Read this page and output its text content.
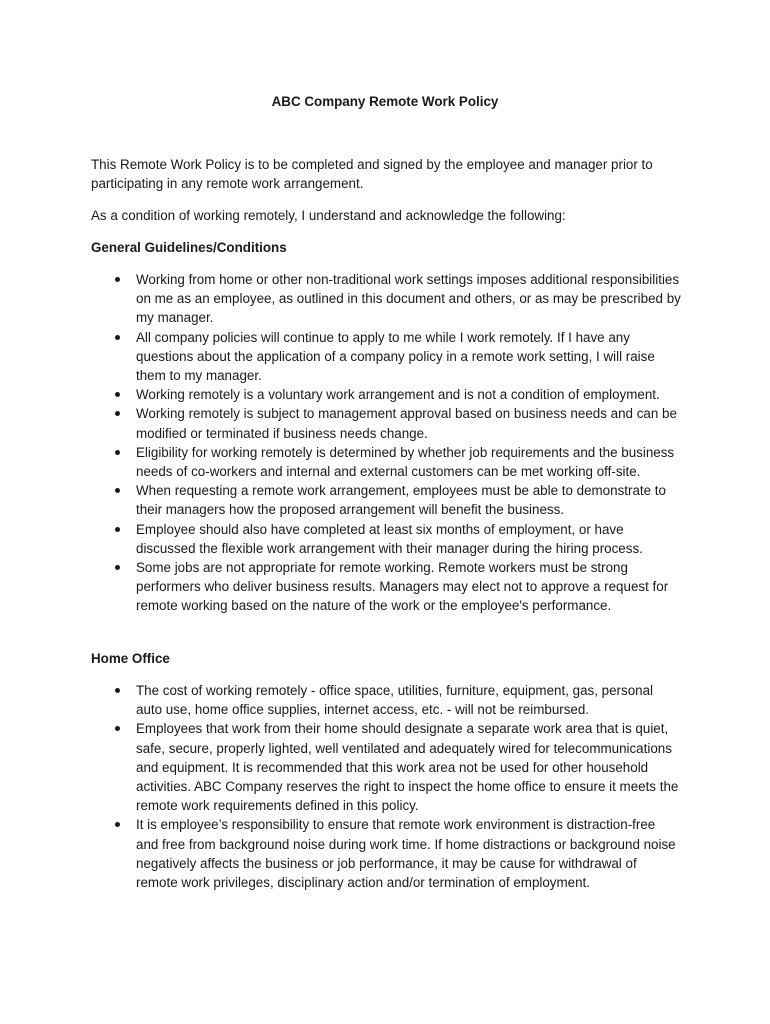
ABC Company Remote Work Policy

This Remote Work Policy is to be completed and signed by the employee and manager prior to participating in any remote work arrangement.

As a condition of working remotely, I understand and acknowledge the following:

General Guidelines/Conditions
Working from home or other non-traditional work settings imposes additional responsibilities on me as an employee, as outlined in this document and others, or as may be prescribed by my manager.
All company policies will continue to apply to me while I work remotely. If I have any questions about the application of a company policy in a remote work setting, I will raise them to my manager.
Working remotely is a voluntary work arrangement and is not a condition of employment.
Working remotely is subject to management approval based on business needs and can be modified or terminated if business needs change.
Eligibility for working remotely is determined by whether job requirements and the business needs of co-workers and internal and external customers can be met working off-site.
When requesting a remote work arrangement, employees must be able to demonstrate to their managers how the proposed arrangement will benefit the business.
Employee should also have completed at least six months of employment, or have discussed the flexible work arrangement with their manager during the hiring process.
Some jobs are not appropriate for remote working. Remote workers must be strong performers who deliver business results. Managers may elect not to approve a request for remote working based on the nature of the work or the employee's performance.
Home Office
The cost of working remotely - office space, utilities, furniture, equipment, gas, personal auto use, home office supplies, internet access, etc. - will not be reimbursed.
Employees that work from their home should designate a separate work area that is quiet, safe, secure, properly lighted, well ventilated and adequately wired for telecommunications and equipment. It is recommended that this work area not be used for other household activities. ABC Company reserves the right to inspect the home office to ensure it meets the remote work requirements defined in this policy.
It is employee’s responsibility to ensure that remote work environment is distraction-free and free from background noise during work time. If home distractions or background noise negatively affects the business or job performance, it may be cause for withdrawal of remote work privileges, disciplinary action and/or termination of employment.
